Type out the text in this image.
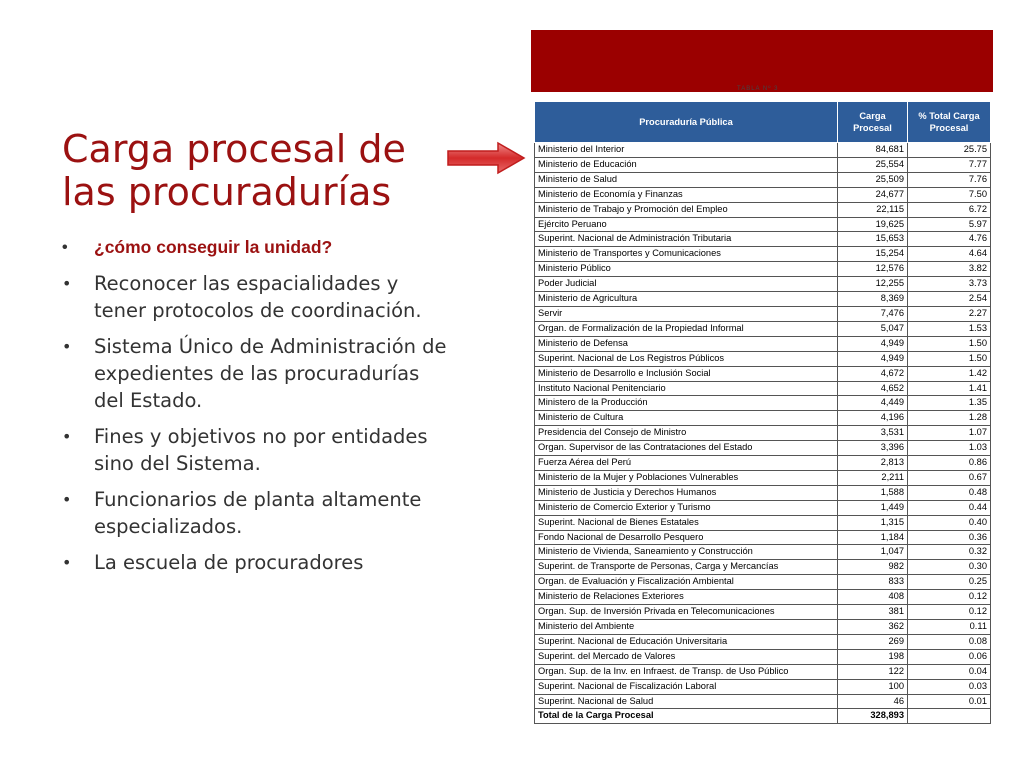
Carga procesal de las procuradurías
• ¿cómo conseguir la unidad?
• Reconocer las espacialidades y tener protocolos de coordinación.
• Sistema Único de Administración de expedientes de las procuradurías del Estado.
• Fines y objetivos no por entidades sino del Sistema.
• Funcionarios de planta altamente especializados.
• La escuela de procuradores
TABLA Nº 3
Procuraduría Pública	Carga Procesal	% Total Carga Procesal
Ministerio del Interior	84,681	25.75
Ministerio de Educación	25,554	7.77
Ministerio de Salud	25,509	7.76
Ministerio de Economía y Finanzas	24,677	7.50
Ministerio de Trabajo y Promoción del Empleo	22,115	6.72
Ejército Peruano	19,625	5.97
Superint. Nacional de Administración Tributaria	15,653	4.76
Ministerio de Transportes y Comunicaciones	15,254	4.64
Ministerio Público	12,576	3.82
Poder Judicial	12,255	3.73
Ministerio de Agricultura	8,369	2.54
Servir	7,476	2.27
Organ. de Formalización de la Propiedad Informal	5,047	1.53
Ministerio de Defensa	4,949	1.50
Superint. Nacional de Los Registros Públicos	4,949	1.50
Ministerio de Desarrollo e Inclusión Social	4,672	1.42
Instituto Nacional Penitenciario	4,652	1.41
Ministero de la Producción	4,449	1.35
Ministerio de Cultura	4,196	1.28
Presidencia del Consejo de Ministro	3,531	1.07
Organ. Supervisor de las Contrataciones del Estado	3,396	1.03
Fuerza Aérea del Perú	2,813	0.86
Ministerio de la Mujer y Poblaciones Vulnerables	2,211	0.67
Ministerio de Justicia y Derechos Humanos	1,588	0.48
Ministerio de Comercio Exterior y Turismo	1,449	0.44
Superint. Nacional de Bienes Estatales	1,315	0.40
Fondo Nacional de Desarrollo Pesquero	1,184	0.36
Ministerio de Vivienda, Saneamiento y Construcción	1,047	0.32
Superint. de Transporte de Personas, Carga y Mercancías	982	0.30
Organ. de Evaluación y Fiscalización Ambiental	833	0.25
Ministerio de Relaciones Exteriores	408	0.12
Organ. Sup. de Inversión Privada en Telecomunicaciones	381	0.12
Ministerio del Ambiente	362	0.11
Superint. Nacional de Educación Universitaria	269	0.08
Superint. del Mercado de Valores	198	0.06
Organ. Sup. de la Inv. en Infraest. de Transp. de Uso Público	122	0.04
Superint. Nacional de Fiscalización Laboral	100	0.03
Superint. Nacional de Salud	46	0.01
Total de la Carga Procesal	328,893	
